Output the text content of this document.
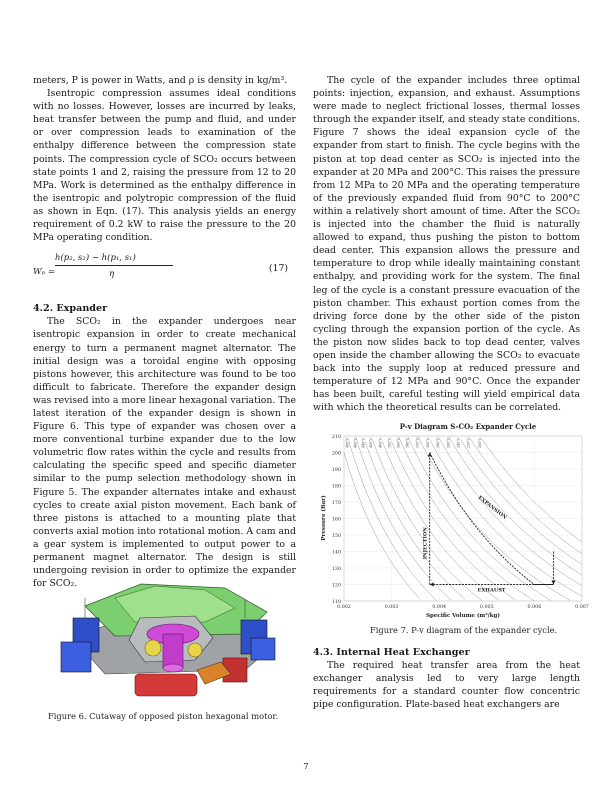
meters, P is power in Watts, and ρ is density in kg/m³.

Isentropic compression assumes ideal conditions with no losses. However, losses are incurred by leaks, heat transfer between the pump and fluid, and under or over compression leads to examination of the enthalpy difference between the compression state points. The compression cycle of SCO₂ occurs between state points 1 and 2, raising the pressure from 12 to 20 MPa. Work is determined as the enthalpy difference in the isentropic and polytropic compression of the fluid as shown in Eqn. (17). This analysis yields an energy requirement of 0.2 kW to raise the pressure to the 20 MPa operating condition.

Wₚ =
h(p₂, s₂) − h(p₁, s₁)
η	(17)
4.2. Expander

The SCO₂ in the expander undergoes near isentropic expansion in order to create mechanical energy to turn a permanent magnet alternator. The initial design was a toroidal engine with opposing pistons however, this architecture was found to be too difficult to fabricate. Therefore the expander design was revised into a more linear hexagonal variation. The latest iteration of the expander design is shown in Figure 6. This type of expander was chosen over a more conventional turbine expander due to the low volumetric flow rates within the cycle and results from calculating the specific speed and specific diameter similar to the pump selection methodology shown in Figure 5. The expander alternates intake and exhaust cycles to create axial piston movement. Each bank of three pistons is attached to a mounting plate that converts axial motion into rotational motion. A cam and a gear system is implemented to output power to a permanent magnet alternator. The design is still undergoing revision in order to optimize the expander for SCO₂.

Figure 6. Cutaway of opposed piston hexagonal motor.

The cycle of the expander includes three optimal points: injection, expansion, and exhaust. Assumptions were made to neglect frictional losses, thermal losses through the expander itself, and steady state conditions. Figure 7 shows the ideal expansion cycle of the expander from start to finish. The cycle begins with the piston at top dead center as SCO₂ is injected into the expander at 20 MPa and 200°C. This raises the pressure from 12 MPa to 20 MPa and the operating temperature of the previously expanded fluid from 90°C to 200°C within a relatively short amount of time. After the SCO₂ is injected into the chamber the fluid is naturally allowed to expand, thus pushing the piston to bottom dead center. This expansion allows the pressure and temperature to drop while ideally maintaining constant enthalpy, and providing work for the system. The final leg of the cycle is a constant pressure evacuation of the piston chamber. This exhaust portion comes from the driving force done by the other side of the piston cycling through the expansion portion of the cycle. As the piston now slides back to top dead center, valves open inside the chamber allowing the SCO₂ to evacuate back into the supply loop at reduced pressure and temperature of 12 MPa and 90°C. Once the expander has been built, careful testing will yield empirical data with which the theoretical results can be correlated.

P-v Diagram S-CO₂ Expander Cycle
480°C 460°C 440°C 420°C 400°C 380°C 360°C 340°C 320°C 300°C 280°C 260°C 240°C 220°C 200°C
INJECTION
EXPANSION
EXHAUST
110
120
130
140
150
160
170
180
190
200
210
0.002	0.003	0.004	0.005	0.006	0.007
Specific Volume (m³/kg)
Pressure (Bar)
Figure 7. P-v diagram of the expander cycle.
4.3. Internal Heat Exchanger

The required heat transfer area from the heat exchanger analysis led to very large length requirements for a standard counter flow concentric pipe configuration. Plate-based heat exchangers are

7
